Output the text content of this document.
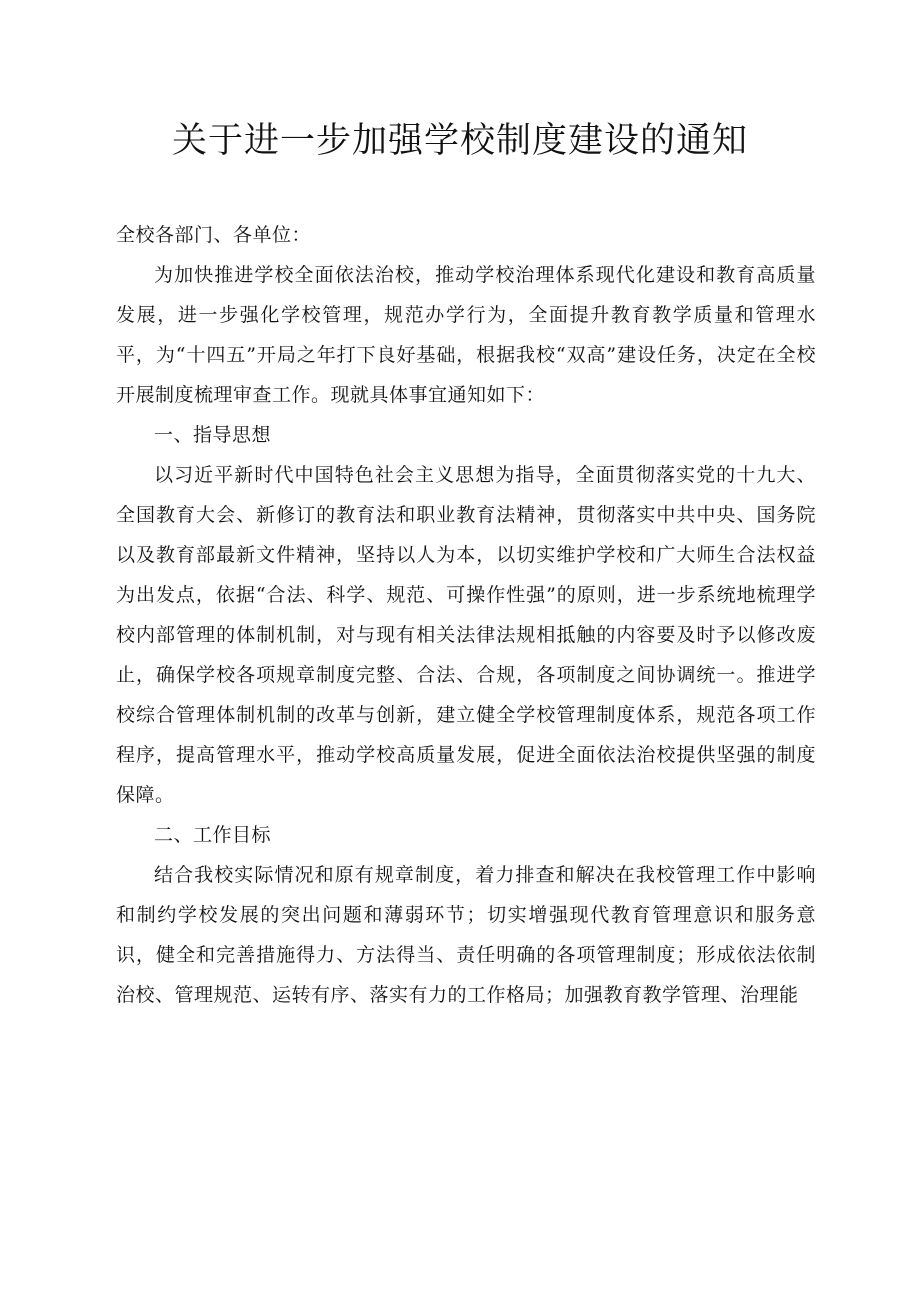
关于进一步加强学校制度建设的通知

全校各部门、各单位：

为加快推进学校全面依法治校，推动学校治理体系现代化建设和教育高质量发展，进一步强化学校管理，规范办学行为，全面提升教育教学质量和管理水平，为“十四五”开局之年打下良好基础，根据我校“双高”建设任务，决定在全校开展制度梳理审查工作。现就具体事宜通知如下：

一、指导思想

以习近平新时代中国特色社会主义思想为指导，全面贯彻落实党的十九大、全国教育大会、新修订的教育法和职业教育法精神，贯彻落实中共中央、国务院以及教育部最新文件精神，坚持以人为本，以切实维护学校和广大师生合法权益为出发点，依据“合法、科学、规范、可操作性强”的原则，进一步系统地梳理学校内部管理的体制机制，对与现有相关法律法规相抵触的内容要及时予以修改废止，确保学校各项规章制度完整、合法、合规，各项制度之间协调统一。推进学校综合管理体制机制的改革与创新，建立健全学校管理制度体系，规范各项工作程序，提高管理水平，推动学校高质量发展，促进全面依法治校提供坚强的制度保障。

二、工作目标

结合我校实际情况和原有规章制度，着力排查和解决在我校管理工作中影响和制约学校发展的突出问题和薄弱环节；切实增强现代教育管理意识和服务意识，健全和完善措施得力、方法得当、责任明确的各项管理制度；形成依法依制治校、管理规范、运转有序、落实有力的工作格局；加强教育教学管理、治理能
